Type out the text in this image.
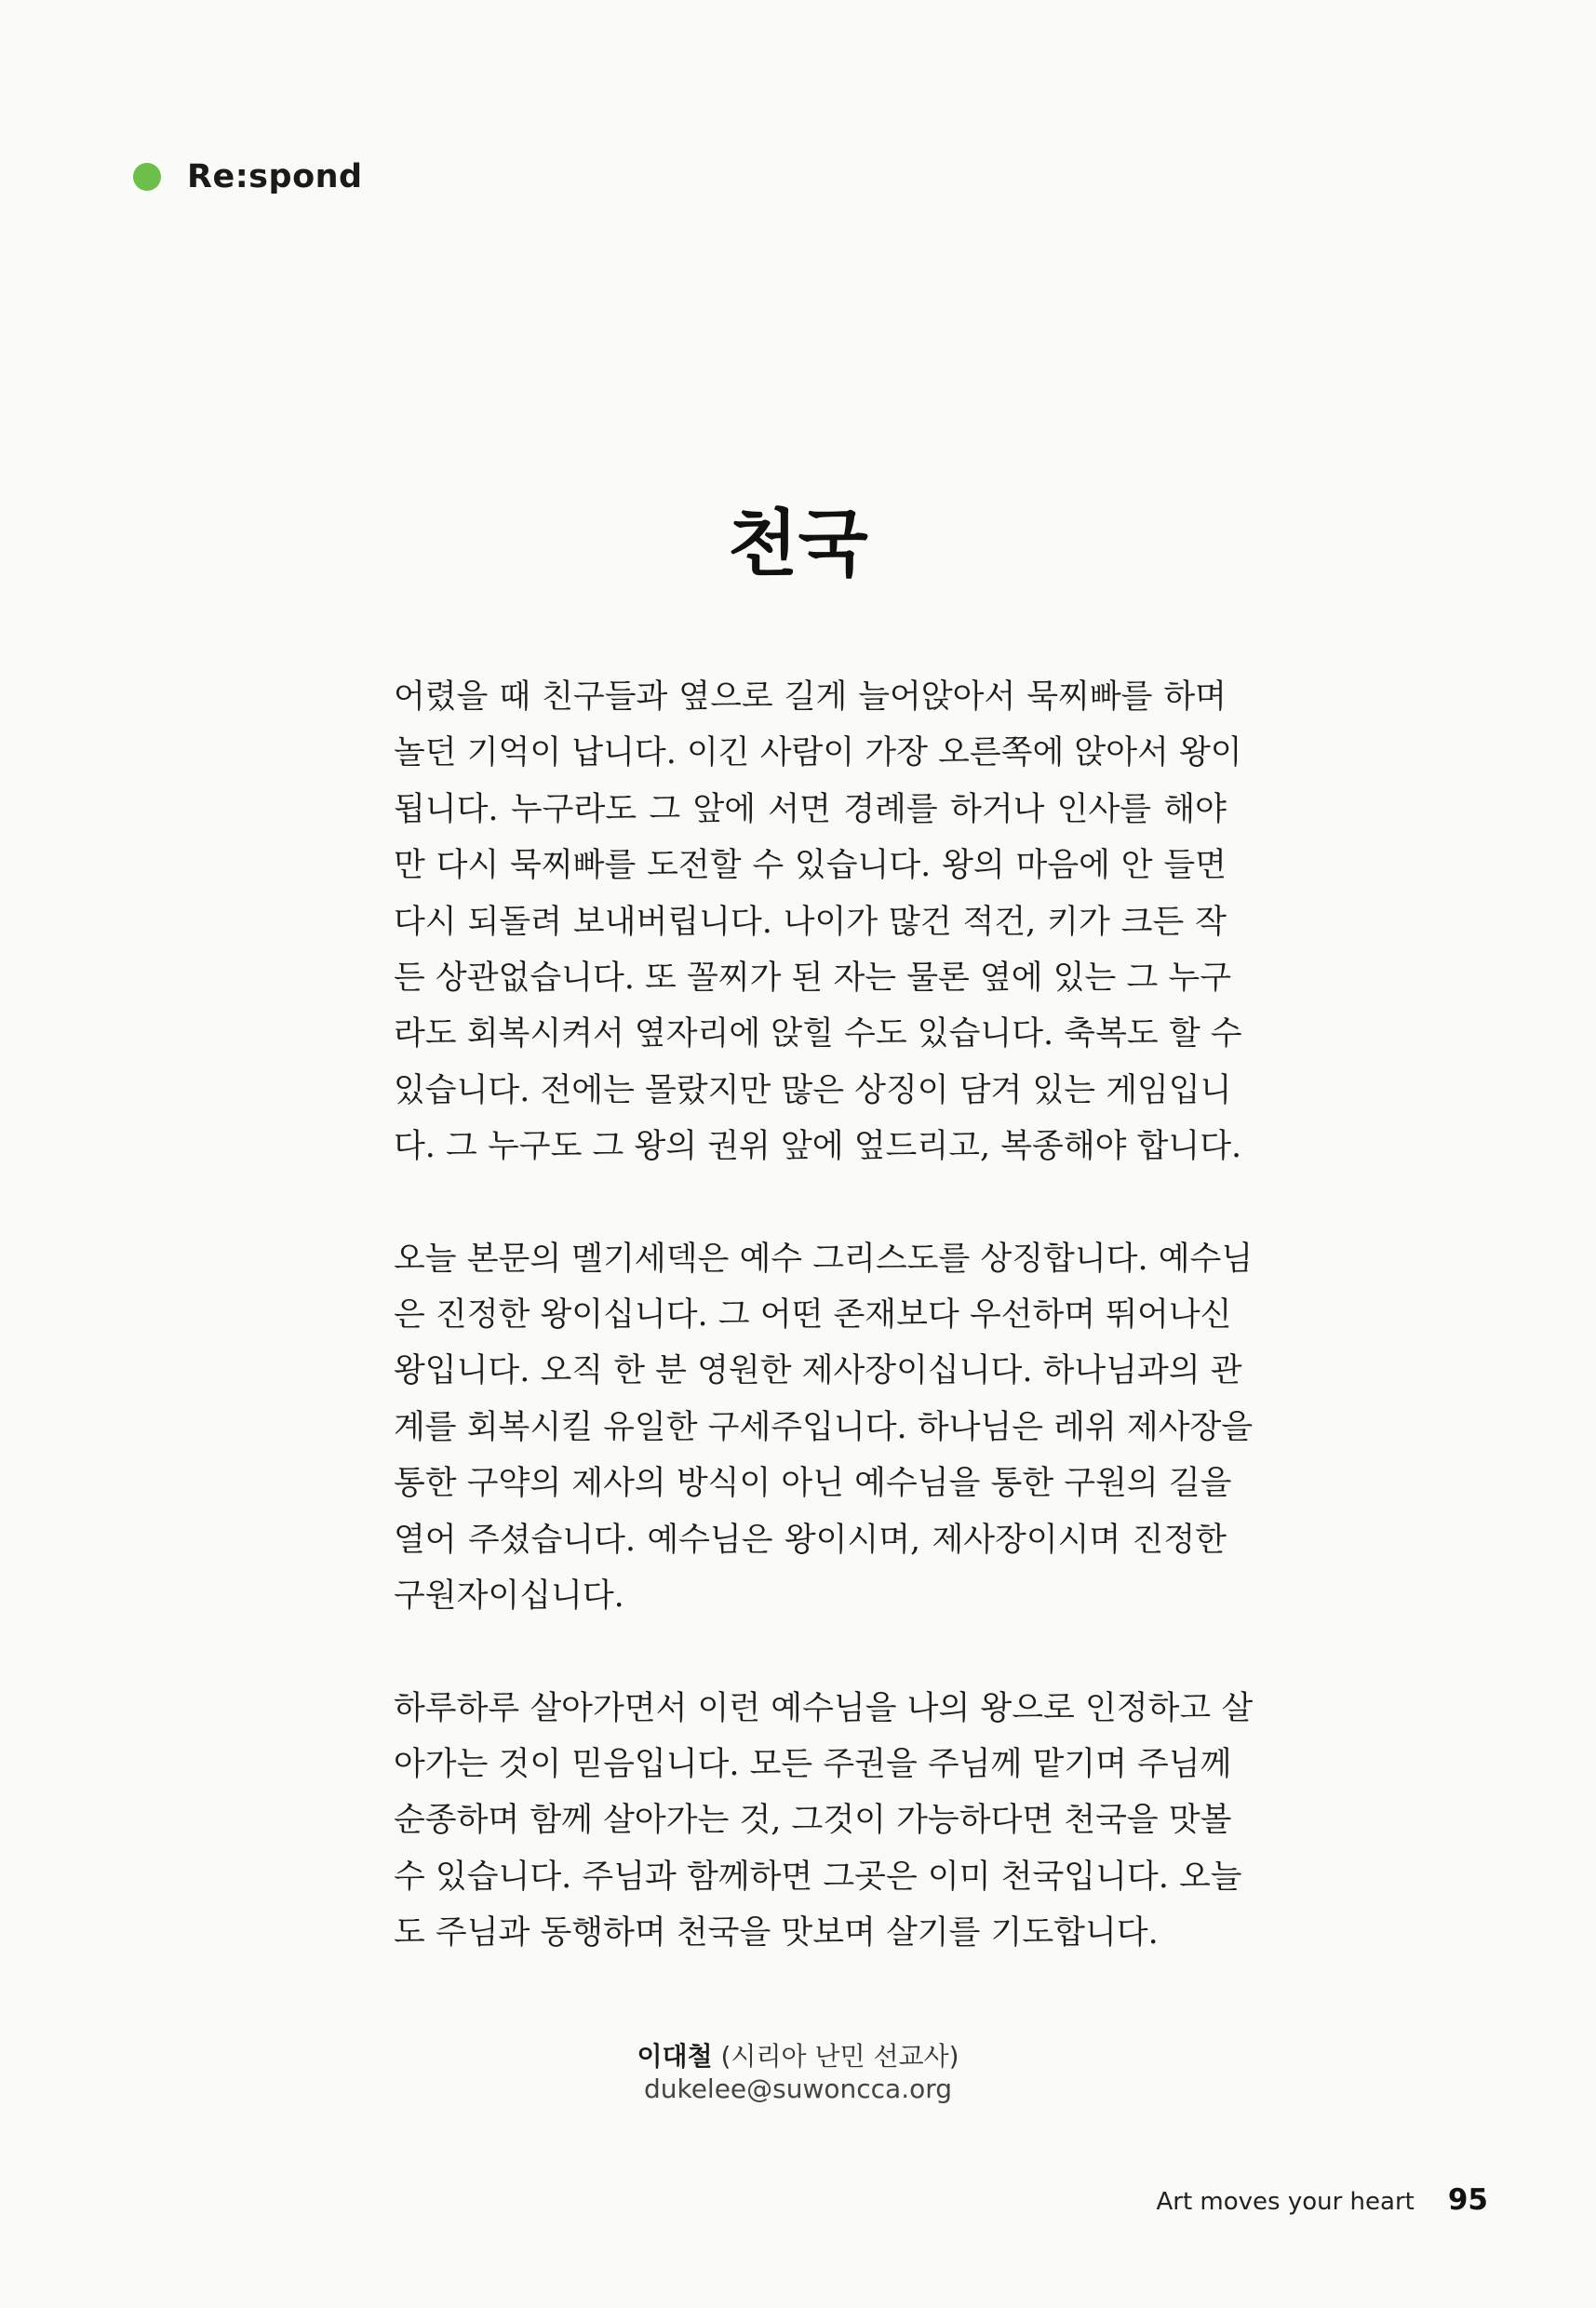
Re:spond
천국

어렸을 때 친구들과 옆으로 길게 늘어앉아서 묵찌빠를 하며
놀던 기억이 납니다. 이긴 사람이 가장 오른쪽에 앉아서 왕이
됩니다. 누구라도 그 앞에 서면 경례를 하거나 인사를 해야
만 다시 묵찌빠를 도전할 수 있습니다. 왕의 마음에 안 들면
다시 되돌려 보내버립니다. 나이가 많건 적건, 키가 크든 작
든 상관없습니다. 또 꼴찌가 된 자는 물론 옆에 있는 그 누구
라도 회복시켜서 옆자리에 앉힐 수도 있습니다. 축복도 할 수
있습니다. 전에는 몰랐지만 많은 상징이 담겨 있는 게임입니
다. 그 누구도 그 왕의 권위 앞에 엎드리고, 복종해야 합니다.

오늘 본문의 멜기세덱은 예수 그리스도를 상징합니다. 예수님
은 진정한 왕이십니다. 그 어떤 존재보다 우선하며 뛰어나신
왕입니다. 오직 한 분 영원한 제사장이십니다. 하나님과의 관
계를 회복시킬 유일한 구세주입니다. 하나님은 레위 제사장을
통한 구약의 제사의 방식이 아닌 예수님을 통한 구원의 길을
열어 주셨습니다. 예수님은 왕이시며, 제사장이시며 진정한
구원자이십니다.

하루하루 살아가면서 이런 예수님을 나의 왕으로 인정하고 살
아가는 것이 믿음입니다. 모든 주권을 주님께 맡기며 주님께
순종하며 함께 살아가는 것, 그것이 가능하다면 천국을 맛볼
수 있습니다. 주님과 함께하면 그곳은 이미 천국입니다. 오늘
도 주님과 동행하며 천국을 맛보며 살기를 기도합니다.

이대철 (시리아 난민 선교사)
dukelee@suwoncca.org
Art moves your heart 95
